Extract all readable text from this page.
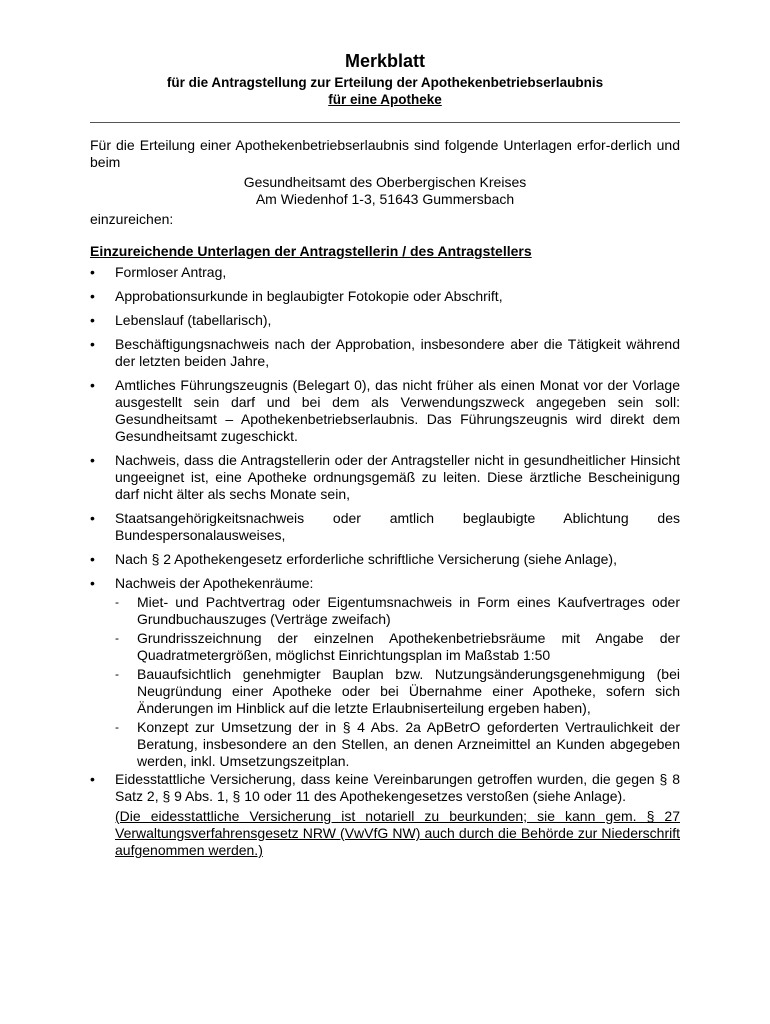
Merkblatt

für die Antragstellung zur Erteilung der Apothekenbetriebserlaubnis

für eine Apotheke

Für die Erteilung einer Apothekenbetriebserlaubnis sind folgende Unterlagen erfor-derlich und beim

Gesundheitsamt des Oberbergischen Kreises
Am Wiedenhof 1-3, 51643 Gummersbach

einzureichen:

Einzureichende Unterlagen der Antragstellerin / des Antragstellers

• Formloser Antrag,
• Approbationsurkunde in beglaubigter Fotokopie oder Abschrift,
• Lebenslauf (tabellarisch),
• Beschäftigungsnachweis nach der Approbation, insbesondere aber die Tätigkeit während der letzten beiden Jahre,
• Amtliches Führungszeugnis (Belegart 0), das nicht früher als einen Monat vor der Vorlage ausgestellt sein darf und bei dem als Verwendungszweck angegeben sein soll: Gesundheitsamt – Apothekenbetriebserlaubnis. Das Führungszeugnis wird direkt dem Gesundheitsamt zugeschickt.
• Nachweis, dass die Antragstellerin oder der Antragsteller nicht in gesundheitlicher Hinsicht ungeeignet ist, eine Apotheke ordnungsgemäß zu leiten. Diese ärztliche Bescheinigung darf nicht älter als sechs Monate sein,
• Staatsangehörigkeitsnachweis oder amtlich beglaubigte Ablichtung des
Bundespersonalausweises,
• Nach § 2 Apothekengesetz erforderliche schriftliche Versicherung (siehe Anlage),
• Nachweis der Apothekenräume:
- Miet- und Pachtvertrag oder Eigentumsnachweis in Form eines Kaufvertrages oder Grundbuchauszuges (Verträge zweifach)
- Grundrisszeichnung der einzelnen Apothekenbetriebsräume mit Angabe der Quadratmetergrößen, möglichst Einrichtungsplan im Maßstab 1:50
- Bauaufsichtlich genehmigter Bauplan bzw. Nutzungsänderungsgenehmigung (bei Neugründung einer Apotheke oder bei Übernahme einer Apotheke, sofern sich Änderungen im Hinblick auf die letzte Erlaubniserteilung ergeben haben),
- Konzept zur Umsetzung der in § 4 Abs. 2a ApBetrO geforderten Vertraulichkeit der Beratung, insbesondere an den Stellen, an denen Arzneimittel an Kunden abgegeben werden, inkl. Umsetzungszeitplan.
• Eidesstattliche Versicherung, dass keine Vereinbarungen getroffen wurden, die gegen § 8 Satz 2, § 9 Abs. 1, § 10 oder 11 des Apothekengesetzes verstoßen (siehe Anlage).

(Die eidesstattliche Versicherung ist notariell zu beurkunden; sie kann gem. § 27 Verwaltungsverfahrensgesetz NRW (VwVfG NW) auch durch die Behörde zur Niederschrift aufgenommen werden.)
